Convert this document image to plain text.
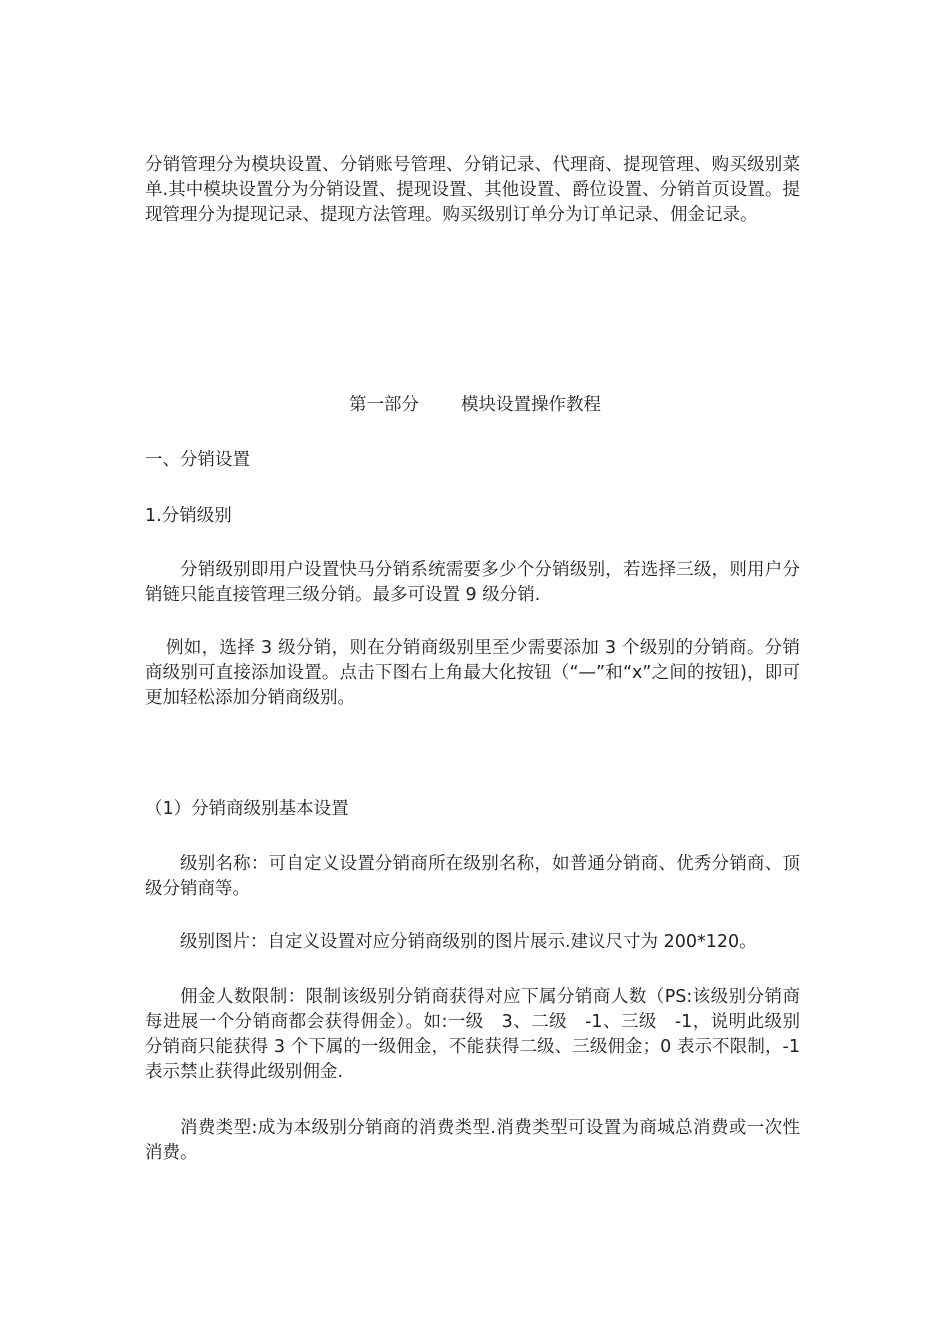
分销管理分为模块设置、分销账号管理、分销记录、代理商、提现管理、购买级别菜单.其中模块设置分为分销设置、提现设置、其他设置、爵位设置、分销首页设置。提现管理分为提现记录、提现方法管理。购买级别订单分为订单记录、佣金记录。

第一部分 模块设置操作教程

一、分销设置

1.分销级别

分销级别即用户设置快马分销系统需要多少个分销级别，若选择三级，则用户分销链只能直接管理三级分销。最多可设置 9 级分销.

例如，选择 3 级分销，则在分销商级别里至少需要添加 3 个级别的分销商。分销商级别可直接添加设置。点击下图右上角最大化按钮（“—”和“x”之间的按钮)，即可更加轻松添加分销商级别。

（1）分销商级别基本设置

级别名称：可自定义设置分销商所在级别名称，如普通分销商、优秀分销商、顶级分销商等。

级别图片：自定义设置对应分销商级别的图片展示.建议尺寸为 200*120。

佣金人数限制：限制该级别分销商获得对应下属分销商人数（PS:该级别分销商每进展一个分销商都会获得佣金）。如:一级　3、二级　-1、三级　-1，说明此级别分销商只能获得 3 个下属的一级佣金，不能获得二级、三级佣金；0 表示不限制，-1 表示禁止获得此级别佣金.

消费类型:成为本级别分销商的消费类型.消费类型可设置为商城总消费或一次性消费。
